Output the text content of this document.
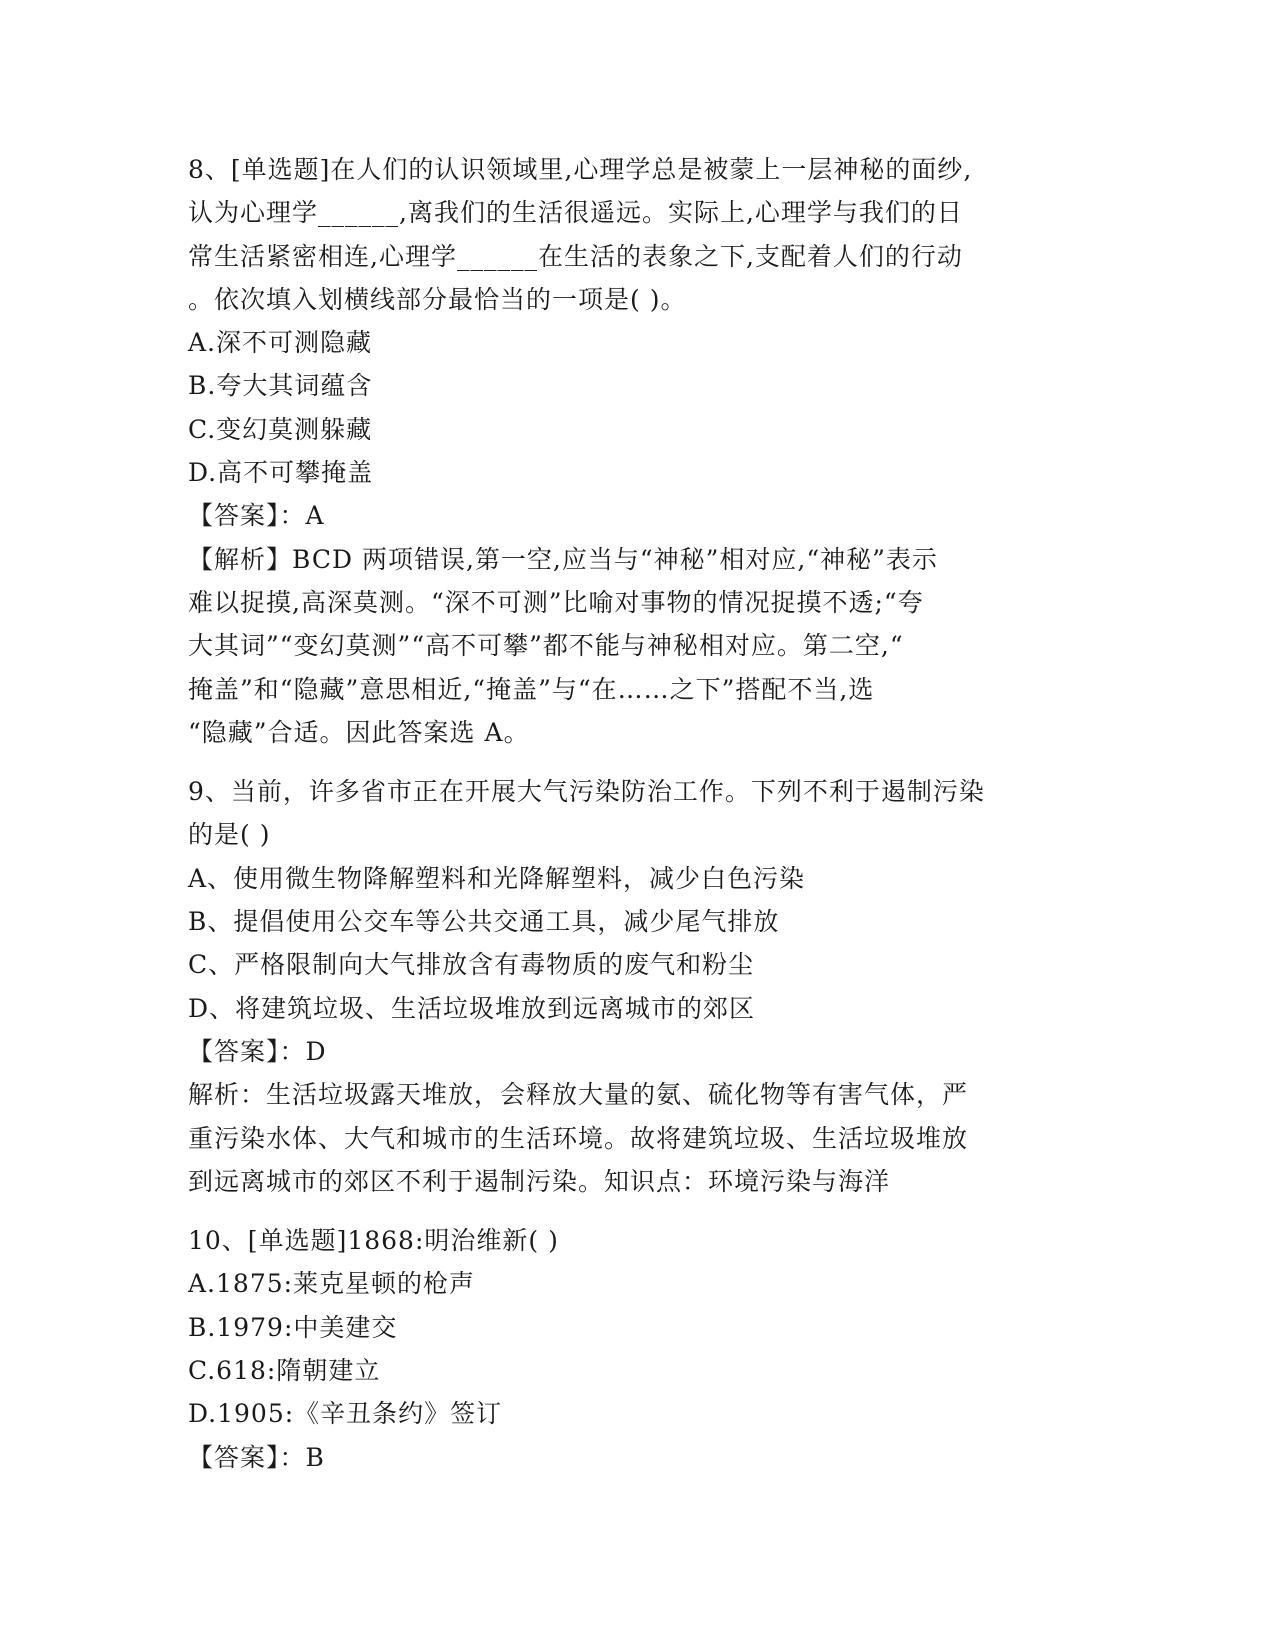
8、[单选题]在人们的认识领域里,心理学总是被蒙上一层神秘的面纱,
认为心理学______,离我们的生活很遥远。实际上,心理学与我们的日
常生活紧密相连,心理学______在生活的表象之下,支配着人们的行动
。依次填入划横线部分最恰当的一项是( )。
A.深不可测隐藏
B.夸大其词蕴含
C.变幻莫测躲藏
D.高不可攀掩盖
【答案】：A
【解析】BCD 两项错误,第一空,应当与“神秘”相对应,“神秘”表示
难以捉摸,高深莫测。“深不可测”比喻对事物的情况捉摸不透;“夸
大其词”“变幻莫测”“高不可攀”都不能与神秘相对应。第二空,“
掩盖”和“隐藏”意思相近,“掩盖”与“在……之下”搭配不当,选
“隐藏”合适。因此答案选 A。
9、当前，许多省市正在开展大气污染防治工作。下列不利于遏制污染
的是( )
A、使用微生物降解塑料和光降解塑料，减少白色污染
B、提倡使用公交车等公共交通工具，减少尾气排放
C、严格限制向大气排放含有毒物质的废气和粉尘
D、将建筑垃圾、生活垃圾堆放到远离城市的郊区
【答案】：D
解析：生活垃圾露天堆放，会释放大量的氨、硫化物等有害气体，严
重污染水体、大气和城市的生活环境。故将建筑垃圾、生活垃圾堆放
到远离城市的郊区不利于遏制污染。知识点：环境污染与海洋
10、[单选题]1868:明治维新( )
A.1875:莱克星顿的枪声
B.1979:中美建交
C.618:隋朝建立
D.1905:《辛丑条约》签订
【答案】：B
